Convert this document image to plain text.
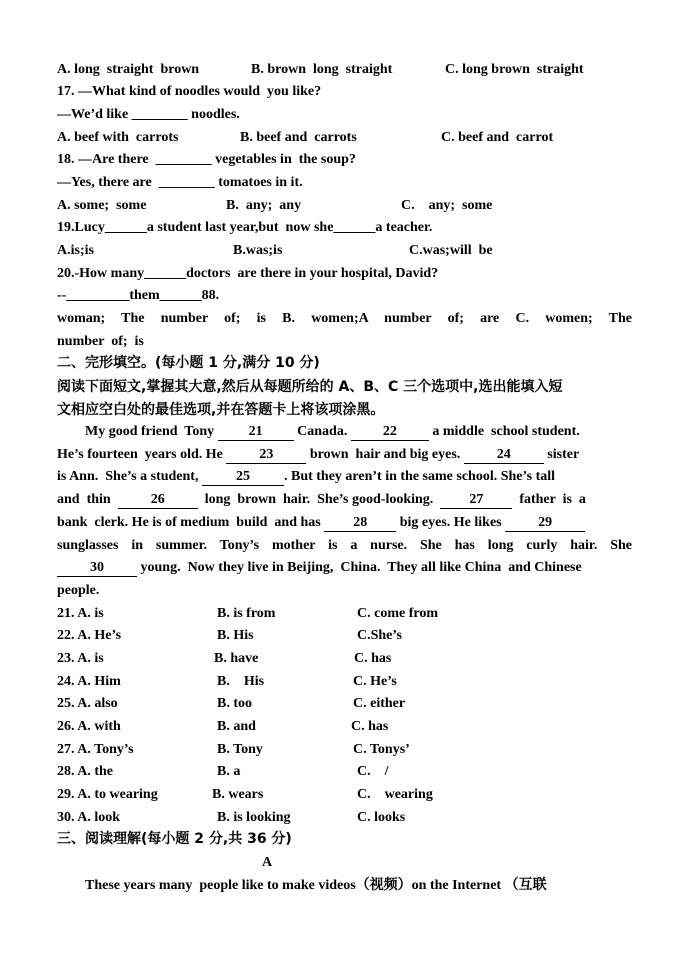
A. long  straight  brown

	B. brown  long  straight

	C. long brown  straight

17. —What kind of noodles would  you like?
—We’d like ________ noodles.

A. beef with  carrots

	B. beef and  carrots

	C. beef and  carrot

18. —Are there  ________ vegetables in  the soup?
—Yes, there are  ________ tomatoes in it.

A. some;  some

	B.  any;  any

	C.    any;  some

19.Lucy______a student last year,but  now she______a teacher.

A.is;is

	B.was;is

	C.was;will  be

20.-How many______doctors  are there in your hospital, David?
--_________them______88.
woman; The number of; is B. women;A number of; are C. women; The
number  of;  is
二、完形填空。(每小题 1 分,满分 10 分)
阅读下面短文,掌握其大意,然后从每题所给的 A、B、C 三个选项中,选出能填入短
文相应空白处的最佳选项,并在答题卡上将该项涂黑。
My good friend  Tony 21 Canada. 22 a middle  school student.
He’s fourteen  years old. He 23 brown  hair and big eyes. 24 sister
is Ann.  She’s a student, 25 . But they aren’t in the same school. She’s tall
and  thin  26  long  brown  hair.  She’s good-looking.  27  father  is  a
bank  clerk. He is of medium  build  and has 28 big eyes. He likes 29
sunglasses in summer. Tony’s mother is a nurse. She has long curly hair. She
30 young.  Now they live in Beijing,  China.  They all like China  and Chinese
people.
21. A. is	B. is from	C. come from
22. A. He’s	B. His	C.She’s
23. A. is	B. have	C. has
24. A. Him	B.    His	C. He’s
25. A. also	B. too	C. either
26. A. with	B. and	C. has
27. A. Tony’s	B. Tony	C. Tonys’
28. A. the	B. a	C.    /
29. A. to wearing	B. wears	C.    wearing
30. A. look	B. is looking	C. looks
三、阅读理解(每小题 2 分,共 36 分)
A
These years many  people like to make videos（视频）on the Internet （互联
